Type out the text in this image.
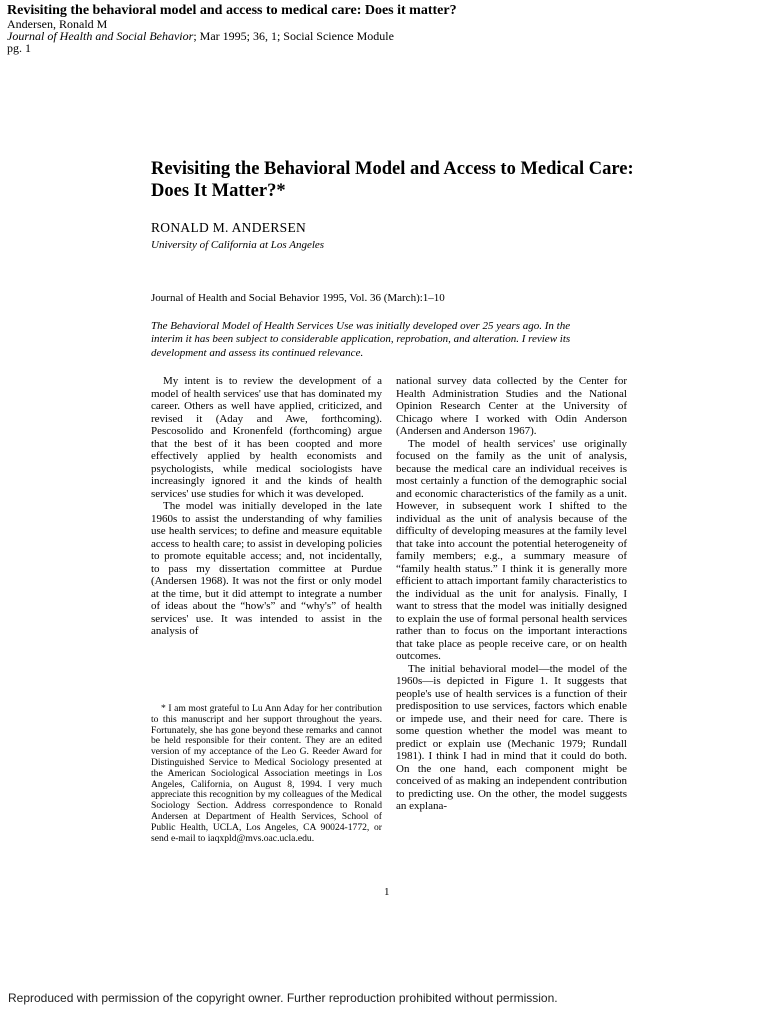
Revisiting the behavioral model and access to medical care: Does it matter?
Andersen, Ronald M
Journal of Health and Social Behavior; Mar 1995; 36, 1; Social Science Module
pg. 1
Revisiting the Behavioral Model and Access to Medical Care:
Does It Matter?*
RONALD M. ANDERSEN
University of California at Los Angeles
Journal of Health and Social Behavior 1995, Vol. 36 (March):1–10
The Behavioral Model of Health Services Use was initially developed over 25 years ago. In the interim it has been subject to considerable application, reprobation, and alteration. I review its development and assess its continued relevance.

My intent is to review the development of a model of health services' use that has dominated my career. Others as well have applied, criticized, and revised it (Aday and Awe, forthcoming). Pescosolido and Kronenfeld (forthcoming) argue that the best of it has been coopted and more effectively applied by health economists and psychologists, while medical sociologists have increasingly ignored it and the kinds of health services' use studies for which it was developed.

The model was initially developed in the late 1960s to assist the understanding of why families use health services; to define and measure equitable access to health care; to assist in developing policies to promote equitable access; and, not incidentally, to pass my dissertation committee at Purdue (Andersen 1968). It was not the first or only model at the time, but it did attempt to integrate a number of ideas about the “how's” and “why's” of health services' use. It was intended to assist in the analysis of

national survey data collected by the Center for Health Administration Studies and the National Opinion Research Center at the University of Chicago where I worked with Odin Anderson (Andersen and Anderson 1967).

The model of health services' use originally focused on the family as the unit of analysis, because the medical care an individual receives is most certainly a function of the demographic social and economic characteristics of the family as a unit. However, in subsequent work I shifted to the individual as the unit of analysis because of the difficulty of developing measures at the family level that take into account the potential heterogeneity of family members; e.g., a summary measure of “family health status.” I think it is generally more efficient to attach important family characteristics to the individual as the unit for analysis. Finally, I want to stress that the model was initially designed to explain the use of formal personal health services rather than to focus on the important interactions that take place as people receive care, or on health outcomes.

The initial behavioral model—the model of the 1960s—is depicted in Figure 1. It suggests that people's use of health services is a function of their predisposition to use services, factors which enable or impede use, and their need for care. There is some question whether the model was meant to predict or explain use (Mechanic 1979; Rundall 1981). I think I had in mind that it could do both. On the one hand, each component might be conceived of as making an independent contribution to predicting use. On the other, the model suggests an explana-

* I am most grateful to Lu Ann Aday for her contribution to this manuscript and her support throughout the years. Fortunately, she has gone beyond these remarks and cannot be held responsible for their content. They are an edited version of my acceptance of the Leo G. Reeder Award for Distinguished Service to Medical Sociology presented at the American Sociological Association meetings in Los Angeles, California, on August 8, 1994. I very much appreciate this recognition by my colleagues of the Medical Sociology Section. Address correspondence to Ronald Andersen at Department of Health Services, School of Public Health, UCLA, Los Angeles, CA 90024-1772, or send e-mail to iaqxpld@mvs.oac.ucla.edu.

1
Reproduced with permission of the copyright owner. Further reproduction prohibited without permission.
